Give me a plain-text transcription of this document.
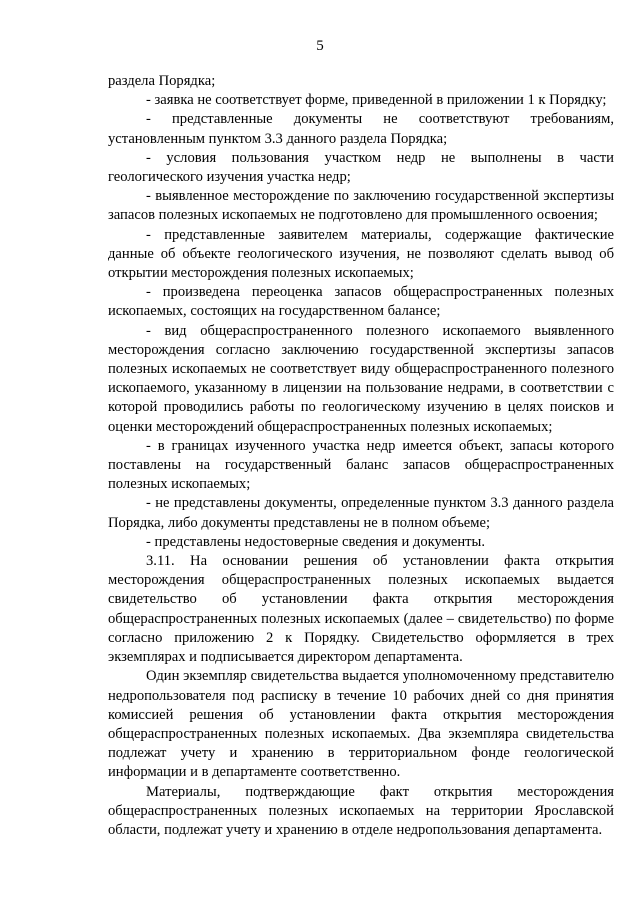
5

раздела Порядка;

- заявка не соответствует форме, приведенной в приложении 1 к Порядку;

- представленные документы не соответствуют требованиям, установленным пунктом 3.3 данного раздела Порядка;

- условия пользования участком недр не выполнены в части геологического изучения участка недр;

- выявленное месторождение по заключению государственной экспертизы запасов полезных ископаемых не подготовлено для промышленного освоения;

- представленные заявителем материалы, содержащие фактические данные об объекте геологического изучения, не позволяют сделать вывод об открытии месторождения полезных ископаемых;

- произведена переоценка запасов общераспространенных полезных ископаемых, состоящих на государственном балансе;

- вид общераспространенного полезного ископаемого выявленного месторождения согласно заключению государственной экспертизы запасов полезных ископаемых не соответствует виду общераспространенного полезного ископаемого, указанному в лицензии на пользование недрами, в соответствии с которой проводились работы по геологическому изучению в целях поисков и оценки месторождений общераспространенных полезных ископаемых;

- в границах изученного участка недр имеется объект, запасы которого поставлены на государственный баланс запасов общераспространенных полезных ископаемых;

- не представлены документы, определенные пунктом 3.3 данного раздела Порядка, либо документы представлены не в полном объеме;

- представлены недостоверные сведения и документы.

3.11. На основании решения об установлении факта открытия месторождения общераспространенных полезных ископаемых выдается свидетельство об установлении факта открытия месторождения общераспространенных полезных ископаемых (далее – свидетельство) по форме согласно приложению 2 к Порядку. Свидетельство оформляется в трех экземплярах и подписывается директором департамента.

Один экземпляр свидетельства выдается уполномоченному представителю недропользователя под расписку в течение 10 рабочих дней со дня принятия комиссией решения об установлении факта открытия месторождения общераспространенных полезных ископаемых. Два экземпляра свидетельства подлежат учету и хранению в территориальном фонде геологической информации и в департаменте соответственно.

Материалы, подтверждающие факт открытия месторождения общераспространенных полезных ископаемых на территории Ярославской области, подлежат учету и хранению в отделе недропользования департамента.
